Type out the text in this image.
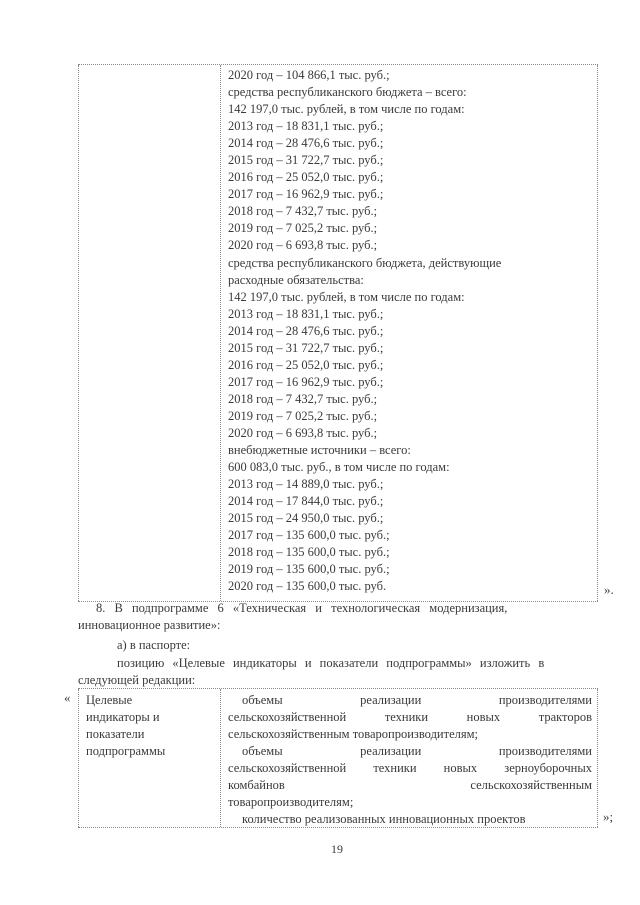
2020 год – 104 866,1 тыс. руб.;
средства республиканского бюджета – всего:
142 197,0 тыс. рублей, в том числе по годам:
2013 год – 18 831,1 тыс. руб.;
2014 год – 28 476,6 тыс. руб.;
2015 год – 31 722,7 тыс. руб.;
2016 год – 25 052,0 тыс. руб.;
2017 год – 16 962,9 тыс. руб.;
2018 год – 7 432,7 тыс. руб.;
2019 год – 7 025,2 тыс. руб.;
2020 год – 6 693,8 тыс. руб.;
средства республиканского бюджета, действующие
расходные обязательства:
142 197,0 тыс. рублей, в том числе по годам:
2013 год – 18 831,1 тыс. руб.;
2014 год – 28 476,6 тыс. руб.;
2015 год – 31 722,7 тыс. руб.;
2016 год – 25 052,0 тыс. руб.;
2017 год – 16 962,9 тыс. руб.;
2018 год – 7 432,7 тыс. руб.;
2019 год – 7 025,2 тыс. руб.;
2020 год – 6 693,8 тыс. руб.;
внебюджетные источники – всего:
600 083,0 тыс. руб., в том числе по годам:
2013 год – 14 889,0 тыс. руб.;
2014 год – 17 844,0 тыс. руб.;
2015 год – 24 950,0 тыс. руб.;
2017 год – 135 600,0 тыс. руб.;
2018 год – 135 600,0 тыс. руб.;
2019 год – 135 600,0 тыс. руб.;
2020 год – 135 600,0 тыс. руб.	».
8. В подпрограмме 6 «Техническая и технологическая модернизация,
инновационное развитие»:
а) в паспорте:
позицию «Целевые индикаторы и показатели подпрограммы» изложить в
следующей редакции:
« Целевые
индикаторы и
показатели
подпрограммы
объемы реализации производителями
сельскохозяйственной техники новых тракторов
сельскохозяйственным товаропроизводителям;
объемы реализации производителями
сельскохозяйственной техники новых зерноуборочных
комбайнов сельскохозяйственным
товаропроизводителям;
количество реализованных инновационных проектов	»;
19
